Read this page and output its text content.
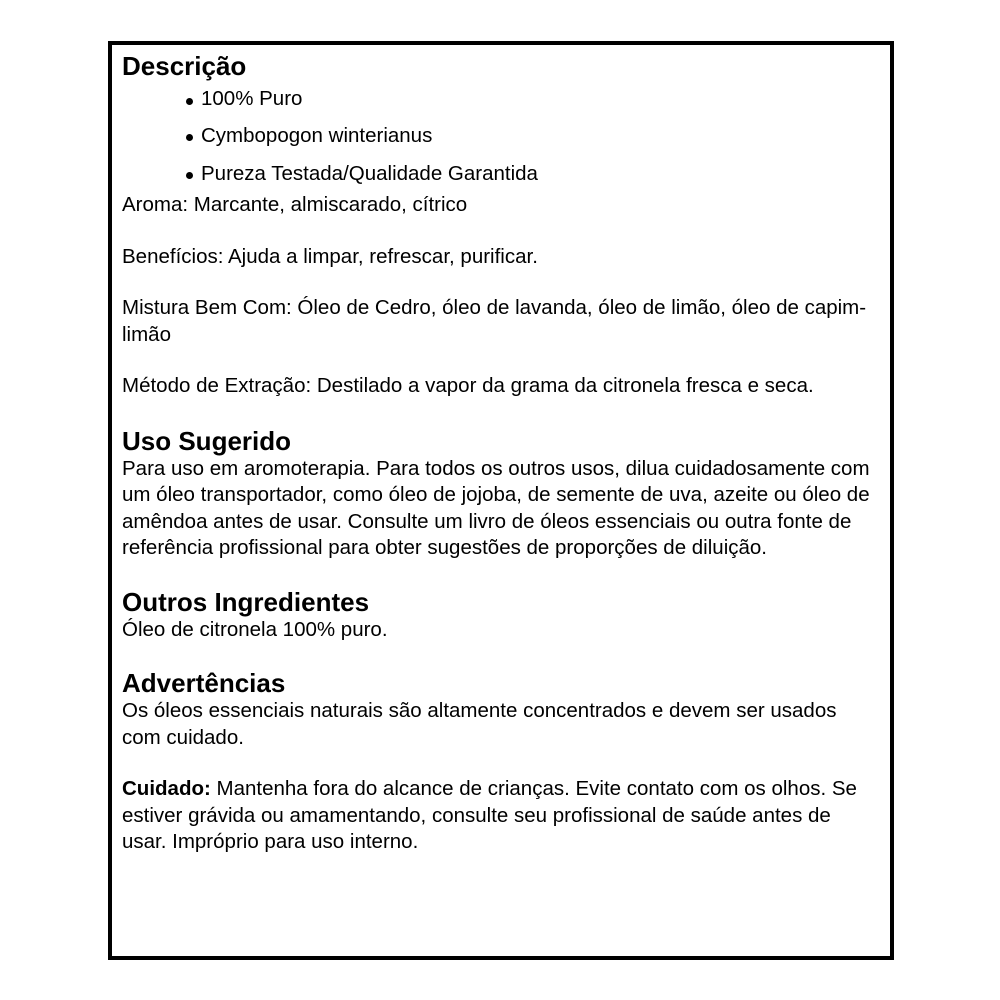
Descrição
100% Puro
Cymbopogon winterianus
Pureza Testada/Qualidade Garantida

Aroma: Marcante, almiscarado, cítrico

Benefícios: Ajuda a limpar, refrescar, purificar.

Mistura Bem Com: Óleo de Cedro, óleo de lavanda, óleo de limão, óleo de capim-limão

Método de Extração: Destilado a vapor da grama da citronela fresca e seca.

Uso Sugerido

Para uso em aromoterapia. Para todos os outros usos, dilua cuidadosamente com um óleo transportador, como óleo de jojoba, de semente de uva, azeite ou óleo de amêndoa antes de usar. Consulte um livro de óleos essenciais ou outra fonte de referência profissional para obter sugestões de proporções de diluição.

Outros Ingredientes

Óleo de citronela 100% puro.

Advertências

Os óleos essenciais naturais são altamente concentrados e devem ser usados com cuidado.

Cuidado: Mantenha fora do alcance de crianças. Evite contato com os olhos. Se estiver grávida ou amamentando, consulte seu profissional de saúde antes de usar. Impróprio para uso interno.
